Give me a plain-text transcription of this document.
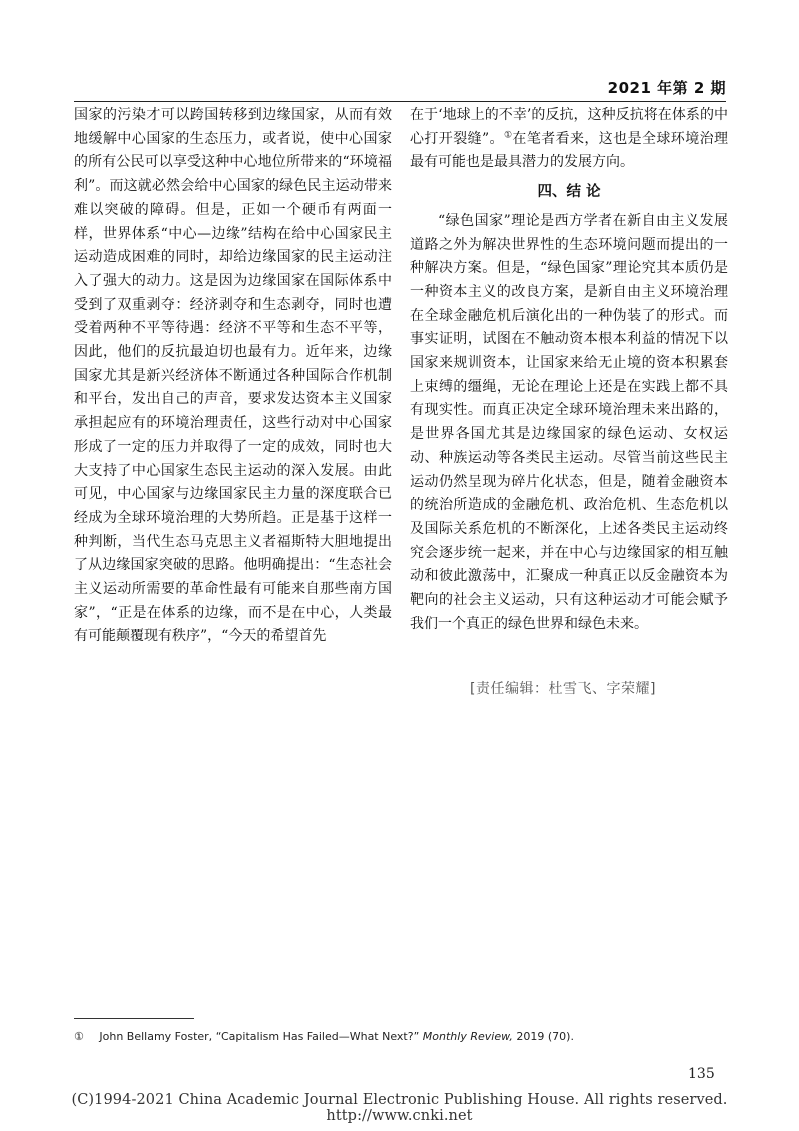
2021 年第 2 期

国家的污染才可以跨国转移到边缘国家，从而有效地缓解中心国家的生态压力，或者说，使中心国家的所有公民可以享受这种中心地位所带来的“环境福利”。而这就必然会给中心国家的绿色民主运动带来难以突破的障碍。但是，正如一个硬币有两面一样，世界体系“中心—边缘”结构在给中心国家民主运动造成困难的同时，却给边缘国家的民主运动注入了强大的动力。这是因为边缘国家在国际体系中受到了双重剥夺：经济剥夺和生态剥夺，同时也遭受着两种不平等待遇：经济不平等和生态不平等，因此，他们的反抗最迫切也最有力。近年来，边缘国家尤其是新兴经济体不断通过各种国际合作机制和平台，发出自己的声音，要求发达资本主义国家承担起应有的环境治理责任，这些行动对中心国家形成了一定的压力并取得了一定的成效，同时也大大支持了中心国家生态民主运动的深入发展。由此可见，中心国家与边缘国家民主力量的深度联合已经成为全球环境治理的大势所趋。正是基于这样一种判断，当代生态马克思主义者福斯特大胆地提出了从边缘国家突破的思路。他明确提出：“生态社会主义运动所需要的革命性最有可能来自那些南方国家”，“正是在体系的边缘，而不是在中心，人类最有可能颠覆现有秩序”，“今天的希望首先

在于‘地球上的不幸’的反抗，这种反抗将在体系的中心打开裂缝”。①在笔者看来，这也是全球环境治理最有可能也是最具潜力的发展方向。

四、结 论

“绿色国家”理论是西方学者在新自由主义发展道路之外为解决世界性的生态环境问题而提出的一种解决方案。但是，“绿色国家”理论究其本质仍是一种资本主义的改良方案，是新自由主义环境治理在全球金融危机后演化出的一种伪装了的形式。而事实证明，试图在不触动资本根本利益的情况下以国家来规训资本，让国家来给无止境的资本积累套上束缚的缰绳，无论在理论上还是在实践上都不具有现实性。而真正决定全球环境治理未来出路的，是世界各国尤其是边缘国家的绿色运动、女权运动、种族运动等各类民主运动。尽管当前这些民主运动仍然呈现为碎片化状态，但是，随着金融资本的统治所造成的金融危机、政治危机、生态危机以及国际关系危机的不断深化，上述各类民主运动终究会逐步统一起来，并在中心与边缘国家的相互触动和彼此激荡中，汇聚成一种真正以反金融资本为靶向的社会主义运动，只有这种运动才可能会赋予我们一个真正的绿色世界和绿色未来。

[责任编辑：杜雪飞、字荣耀]
① John Bellamy Foster, “Capitalism Has Failed—What Next?” Monthly Review, 2019 (70).
135
(C)1994-2021 China Academic Journal Electronic Publishing House. All rights reserved. http://www.cnki.net
